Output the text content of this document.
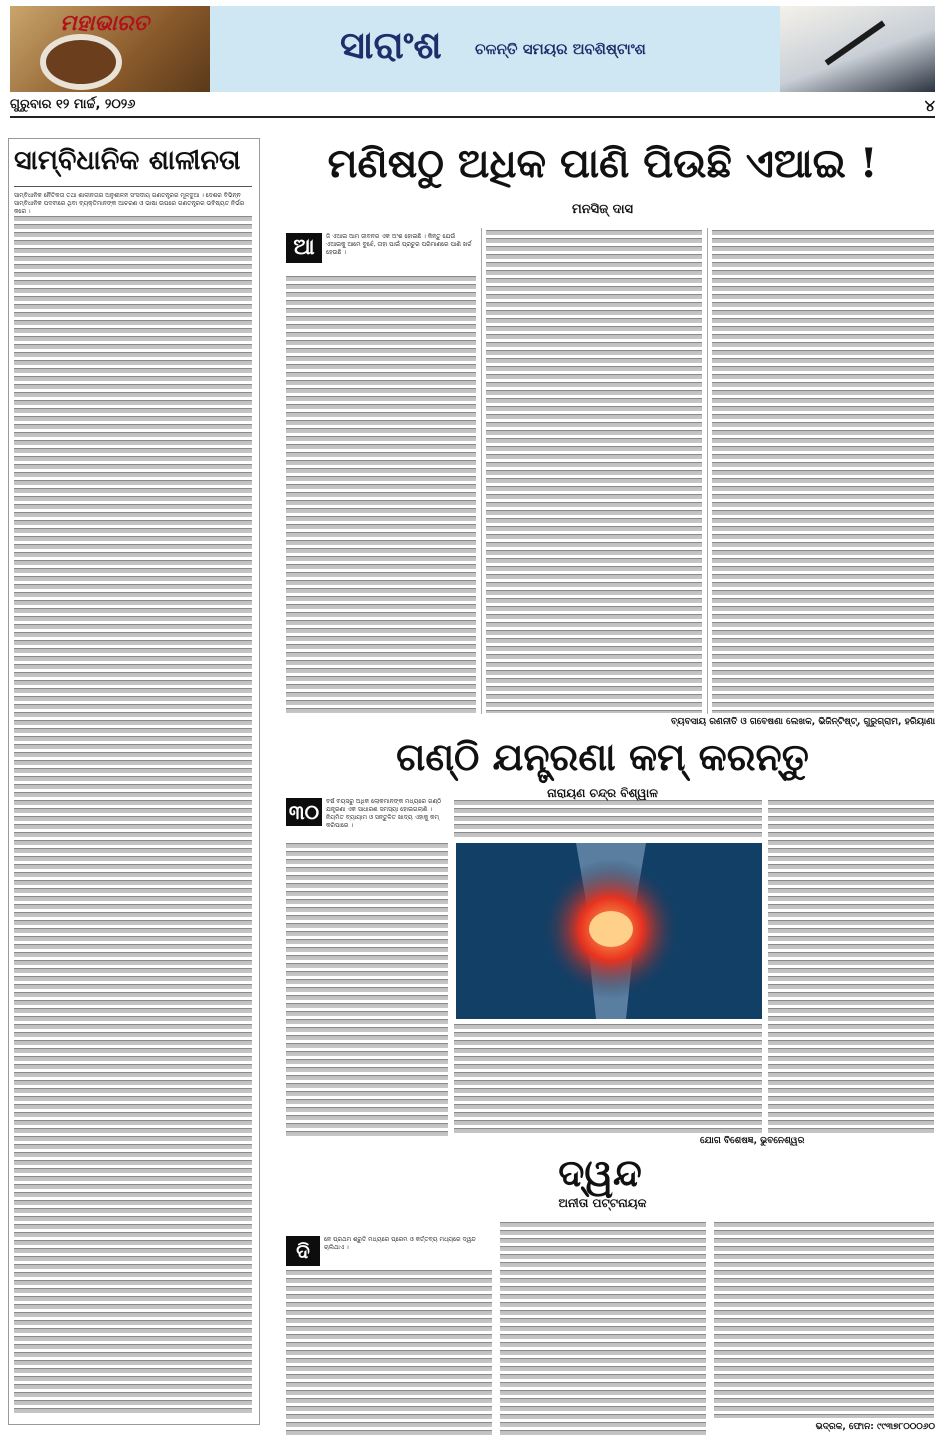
ମହାଭାରତ	ସାରାଂଶ	ଚଳନ୍ତି ସମୟର ଅବଶିଷ୍ଟାଂଶ
ଗୁରୁବାର ୧୨ ମାର୍ଚ୍ଚ, ୨୦୨୬	୪
ସାମ୍ବିଧାନିକ ଶାଳୀନତା
ସାମ୍ବିଧାନିକ ନୈତିକତା ତଥା ଶାଳୀନତାର ଅନୁଶୀଳନ ସଂସଦୀୟ ଗଣତନ୍ତ୍ରର ମୂଳଦୁଆ । ଦେଶର ବିଭିନ୍ନ ସାମ୍ବିଧାନିକ ପଦବୀରେ ଥିବା ବ୍ୟକ୍ତିମାନଙ୍କ ଆଚରଣ ଓ ଭାଷା ଉପରେ ଗଣତନ୍ତ୍ରର ଭବିଷ୍ୟତ ନିର୍ଭର କରେ ।
ମଣିଷଠୁ ଅଧିକ ପାଣି ପିଉଛି ଏଆଇ !
ମନସିଜ୍ ଦାସ
ଆ	ଜି ଏଆଇ ଆମ ଜୀବନର ଏକ ଅଂଶ ହୋଇଛି । କିନ୍ତୁ ଯେଉଁ ଏଆଇକୁ ଆମେ ବୁଝେଁ, ତାହା ପାଇଁ ପ୍ରଚୁର ପରିମାଣରେ ପାଣି ଖର୍ଚ୍ଚ ହେଉଛି ।
ବ୍ୟବସାୟ ରଣନୀତି ଓ ଗବେଷଣା ଲେଖକ, ଭିଜିନ୍ଟିଷ୍ଟ୍, ଗୁରୁଗ୍ରାମ, ହରିୟାଣା
ଗଣ୍ଠି ଯନ୍ତ୍ରଣା କମ୍ କରନ୍ତୁ
ନାରାୟଣ ଚନ୍ଦ୍ର ବିଶ୍ୱାଳ
୩୦	ବର୍ଷ ବୟସରୁ ଅଧିକ ଲୋକମାନଙ୍କ ମଧ୍ୟରେ ଗଣ୍ଠି ଯନ୍ତ୍ରଣା ଏକ ସାଧାରଣ ସମସ୍ୟା ହୋଇଗଲାଣି । ନିୟମିତ ବ୍ୟାୟାମ ଓ ସନ୍ତୁଳିତ ଖାଦ୍ୟ ଏହାକୁ କମ୍ କରିପାରେ ।
ଯୋଗ ବିଶେଷଜ୍ଞ, ଭୁବନେଶ୍ୱର
ଦ୍ୱନ୍ଦ
ଅନୀତା ପଟ୍ଟନାୟକ
ଦି	ନେ ପ୍ରଥମ ଶ୍ରୁତି ମଧ୍ୟରେ ପ୍ରେମ ଓ କର୍ତ୍ତବ୍ୟ ମଧ୍ୟରେ ଦ୍ୱନ୍ଦ ଚାଲିଥାଏ ।
ଭଦ୍ରକ, ଫୋନ: ୯୯୩୭୮୦୦୦୬୦
